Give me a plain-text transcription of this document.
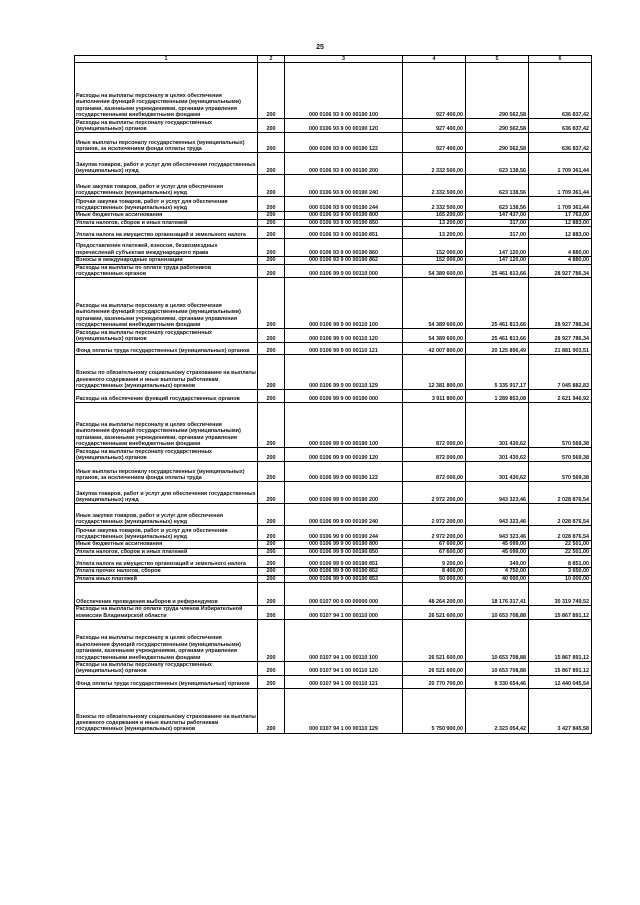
25
1	2	3	4	5	6
Расходы на выплаты персоналу в целях обеспечения выполнения функций государственными (муниципальными) органами, казенными учреждениями, органами управления государственными внебюджетными фондами	200	000 0106 93 9 00 00190 100	927 400,00	290 562,58	636 837,42
Расходы на выплаты персоналу государственных (муниципальных) органов	200	000 0106 93 9 00 00190 120	927 400,00	290 562,58	636 837,42
Иные выплаты персоналу государственных (муниципальных) органов, за исключением фонда оплаты труда	200	000 0106 93 9 00 00190 122	927 400,00	290 562,58	636 837,42
Закупка товаров, работ и услуг для обеспечения государственных (муниципальных) нужд	200	000 0106 93 9 00 00190 200	2 332 500,00	623 138,56	1 709 361,44
Иные закупки товаров, работ и услуг для обеспечения государственных (муниципальных) нужд	200	000 0106 93 9 00 00190 240	2 332 500,00	623 138,56	1 709 361,44
Прочая закупка товаров, работ и услуг для обеспечения государственных (муниципальных) нужд	200	000 0106 93 9 00 00190 244	2 332 500,00	623 138,56	1 709 361,44
Иные бюджетные ассигнования	200	000 0106 93 9 00 00190 800	165 200,00	147 437,00	17 763,00
Уплата налогов, сборов и иных платежей	200	000 0106 93 9 00 00190 850	13 200,00	317,00	12 883,00
Уплата налога на имущество организаций и земельного налога	200	000 0106 93 9 00 00190 851	13 200,00	317,00	12 883,00
Предоставление платежей, взносов, безвозмездных перечислений субъектам международного права	200	000 0106 93 9 00 00190 860	152 000,00	147 120,00	4 880,00
Взносы в международные организации	200	000 0106 93 9 00 00190 862	152 000,00	147 120,00	4 880,00
Расходы на выплаты по оплате труда работников государственных органов	200	000 0106 99 9 00 00110 000	54 389 600,00	25 461 813,66	28 927 786,34
Расходы на выплаты персоналу в целях обеспечения выполнения функций государственными (муниципальными) органами, казенными учреждениями, органами управления государственными внебюджетными фондами	200	000 0106 99 9 00 00110 100	54 389 600,00	25 461 813,66	28 927 786,34
Расходы на выплаты персоналу государственных (муниципальных) органов	200	000 0106 99 9 00 00110 120	54 389 600,00	25 461 813,66	28 927 786,34
Фонд оплаты труда государственных (муниципальных) органов	200	000 0106 99 9 00 00110 121	42 007 800,00	20 125 896,49	21 881 903,51
Взносы по обязательному социальному страхованию на выплаты денежного содержания и иные выплаты работникам государственных (муниципальных) органов	200	000 0106 99 9 00 00110 129	12 381 800,00	5 335 917,17	7 045 882,83
Расходы на обеспечение функций государственных органов	200	000 0106 99 9 00 00190 000	3 911 800,00	1 289 853,08	2 621 946,92
Расходы на выплаты персоналу в целях обеспечения выполнения функций государственными (муниципальными) органами, казенными учреждениями, органами управления государственными внебюджетными фондами	200	000 0106 99 9 00 00190 100	872 000,00	301 430,62	570 569,38
Расходы на выплаты персоналу государственных (муниципальных) органов	200	000 0106 99 9 00 00190 120	872 000,00	301 430,62	570 569,38
Иные выплаты персоналу государственных (муниципальных) органов, за исключением фонда оплаты труда	200	000 0106 99 9 00 00190 122	872 000,00	301 430,62	570 569,38
Закупка товаров, работ и услуг для обеспечения государственных (муниципальных) нужд	200	000 0106 99 9 00 00190 200	2 972 200,00	943 323,46	2 028 876,54
Иные закупки товаров, работ и услуг для обеспечения государственных (муниципальных) нужд	200	000 0106 99 9 00 00190 240	2 972 200,00	943 323,46	2 028 876,54
Прочая закупка товаров, работ и услуг для обеспечения государственных (муниципальных) нужд	200	000 0106 99 9 00 00190 244	2 972 200,00	943 323,46	2 028 876,54
Иные бюджетные ассигнования	200	000 0106 99 9 00 00190 800	67 600,00	45 099,00	22 501,00
Уплата налогов, сборов и иных платежей	200	000 0106 99 9 00 00190 850	67 600,00	45 099,00	22 501,00
Уплата налога на имущество организаций и земельного налога	200	000 0106 99 9 00 00190 851	9 200,00	349,00	8 851,00
Уплата прочих налогов, сборов	200	000 0106 99 9 00 00190 852	8 400,00	4 750,00	3 650,00
Уплата иных платежей	200	000 0106 99 9 00 00190 853	50 000,00	40 000,00	10 000,00
Обеспечение проведения выборов и референдумов	200	000 0107 00 0 00 00000 000	48 264 200,00	18 176 317,41	30 319 749,52
Расходы на выплаты по оплате труда членов Избирательной комиссии Владимирской области	200	000 0107 94 1 00 00110 000	26 521 600,00	10 653 708,88	15 867 891,12
Расходы на выплаты персоналу в целях обеспечения выполнения функций государственными (муниципальными) органами, казенными учреждениями, органами управления государственными внебюджетными фондами	200	000 0107 94 1 00 00110 100	26 521 600,00	10 653 708,88	15 867 891,12
Расходы на выплаты персоналу государственных (муниципальных) органов	200	000 0107 94 1 00 00110 120	26 521 600,00	10 653 708,88	15 867 891,12
Фонд оплаты труда государственных (муниципальных) органов	200	000 0107 94 1 00 00110 121	20 770 700,00	8 330 654,46	12 440 045,54
Взносы по обязательному социальному страхованию на выплаты денежного содержания и иные выплаты работникам государственных (муниципальных) органов	200	000 0107 94 1 00 00110 129	5 750 900,00	2 323 054,42	3 427 845,58
